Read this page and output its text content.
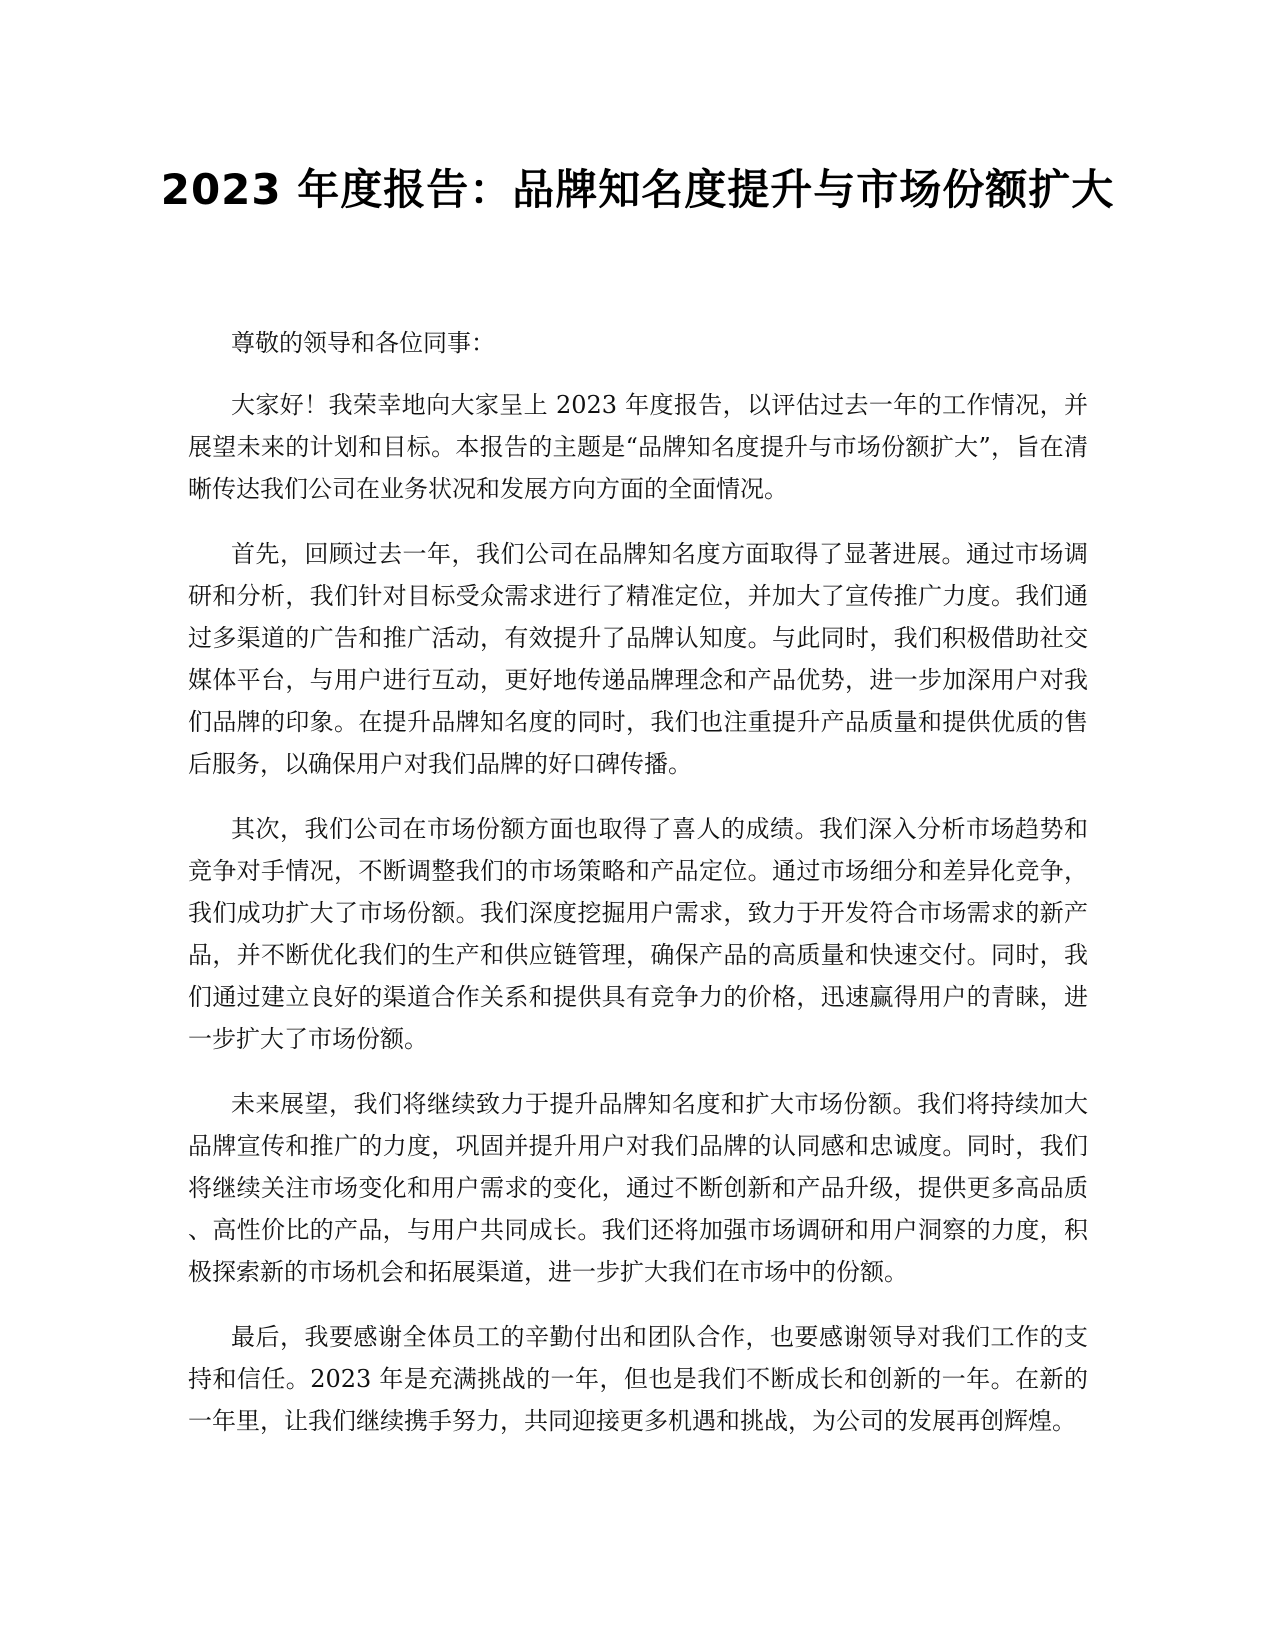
2023 年度报告：品牌知名度提升与市场份额扩大

尊敬的领导和各位同事：

大家好！我荣幸地向大家呈上 2023 年度报告，以评估过去一年的工作情况，并展望未来的计划和目标。本报告的主题是“品牌知名度提升与市场份额扩大”，旨在清晰传达我们公司在业务状况和发展方向方面的全面情况。

首先，回顾过去一年，我们公司在品牌知名度方面取得了显著进展。通过市场调研和分析，我们针对目标受众需求进行了精准定位，并加大了宣传推广力度。我们通过多渠道的广告和推广活动，有效提升了品牌认知度。与此同时，我们积极借助社交媒体平台，与用户进行互动，更好地传递品牌理念和产品优势，进一步加深用户对我们品牌的印象。在提升品牌知名度的同时，我们也注重提升产品质量和提供优质的售后服务，以确保用户对我们品牌的好口碑传播。

其次，我们公司在市场份额方面也取得了喜人的成绩。我们深入分析市场趋势和竞争对手情况，不断调整我们的市场策略和产品定位。通过市场细分和差异化竞争，我们成功扩大了市场份额。我们深度挖掘用户需求，致力于开发符合市场需求的新产品，并不断优化我们的生产和供应链管理，确保产品的高质量和快速交付。同时，我们通过建立良好的渠道合作关系和提供具有竞争力的价格，迅速赢得用户的青睐，进一步扩大了市场份额。

未来展望，我们将继续致力于提升品牌知名度和扩大市场份额。我们将持续加大品牌宣传和推广的力度，巩固并提升用户对我们品牌的认同感和忠诚度。同时，我们将继续关注市场变化和用户需求的变化，通过不断创新和产品升级，提供更多高品质、高性价比的产品，与用户共同成长。我们还将加强市场调研和用户洞察的力度，积极探索新的市场机会和拓展渠道，进一步扩大我们在市场中的份额。

最后，我要感谢全体员工的辛勤付出和团队合作，也要感谢领导对我们工作的支持和信任。2023 年是充满挑战的一年，但也是我们不断成长和创新的一年。在新的一年里，让我们继续携手努力，共同迎接更多机遇和挑战，为公司的发展再创辉煌。
